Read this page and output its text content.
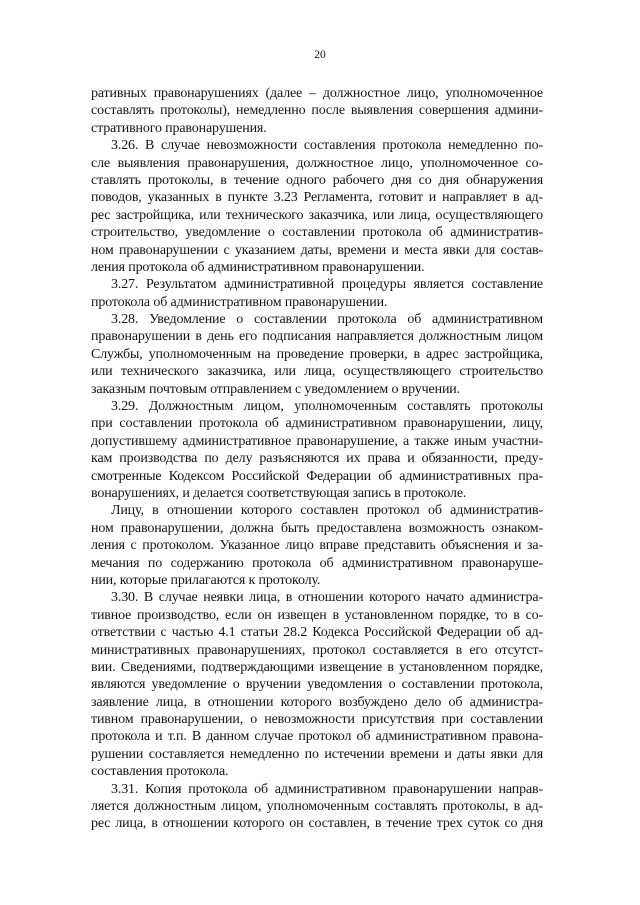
20
ративных правонарушениях (далее – должностное лицо, уполномоченное
составлять протоколы), немедленно после выявления совершения админи-
стративного правонарушения.
3.26. В случае невозможности составления протокола немедленно по-
сле выявления правонарушения, должностное лицо, уполномоченное со-
ставлять протоколы, в течение одного рабочего дня со дня обнаружения
поводов, указанных в пункте 3.23 Регламента, готовит и направляет в ад-
рес застройщика, или технического заказчика, или лица, осуществляющего
строительство, уведомление о составлении протокола об административ-
ном правонарушении с указанием даты, времени и места явки для состав-
ления протокола об административном правонарушении.
3.27. Результатом административной процедуры является составление
протокола об административном правонарушении.
3.28. Уведомление о составлении протокола об административном
правонарушении в день его подписания направляется должностным лицом
Службы, уполномоченным на проведение проверки, в адрес застройщика,
или технического заказчика, или лица, осуществляющего строительство
заказным почтовым отправлением с уведомлением о вручении.
3.29. Должностным лицом, уполномоченным составлять протоколы
при составлении протокола об административном правонарушении, лицу,
допустившему административное правонарушение, а также иным участни-
кам производства по делу разъясняются их права и обязанности, преду-
смотренные Кодексом Российской Федерации об административных пра-
вонарушениях, и делается соответствующая запись в протоколе.
Лицу, в отношении которого составлен протокол об административ-
ном правонарушении, должна быть предоставлена возможность ознаком-
ления с протоколом. Указанное лицо вправе представить объяснения и за-
мечания по содержанию протокола об административном правонаруше-
нии, которые прилагаются к протоколу.
3.30. В случае неявки лица, в отношении которого начато администра-
тивное производство, если он извещен в установленном порядке, то в со-
ответствии с частью 4.1 статьи 28.2 Кодекса Российской Федерации об ад-
министративных правонарушениях, протокол составляется в его отсутст-
вии. Сведениями, подтверждающими извещение в установленном порядке,
являются уведомление о вручении уведомления о составлении протокола,
заявление лица, в отношении которого возбуждено дело об администра-
тивном правонарушении, о невозможности присутствия при составлении
протокола и т.п. В данном случае протокол об административном правона-
рушении составляется немедленно по истечении времени и даты явки для
составления протокола.
3.31. Копия протокола об административном правонарушении направ-
ляется должностным лицом, уполномоченным составлять протоколы, в ад-
рес лица, в отношении которого он составлен, в течение трех суток со дня
